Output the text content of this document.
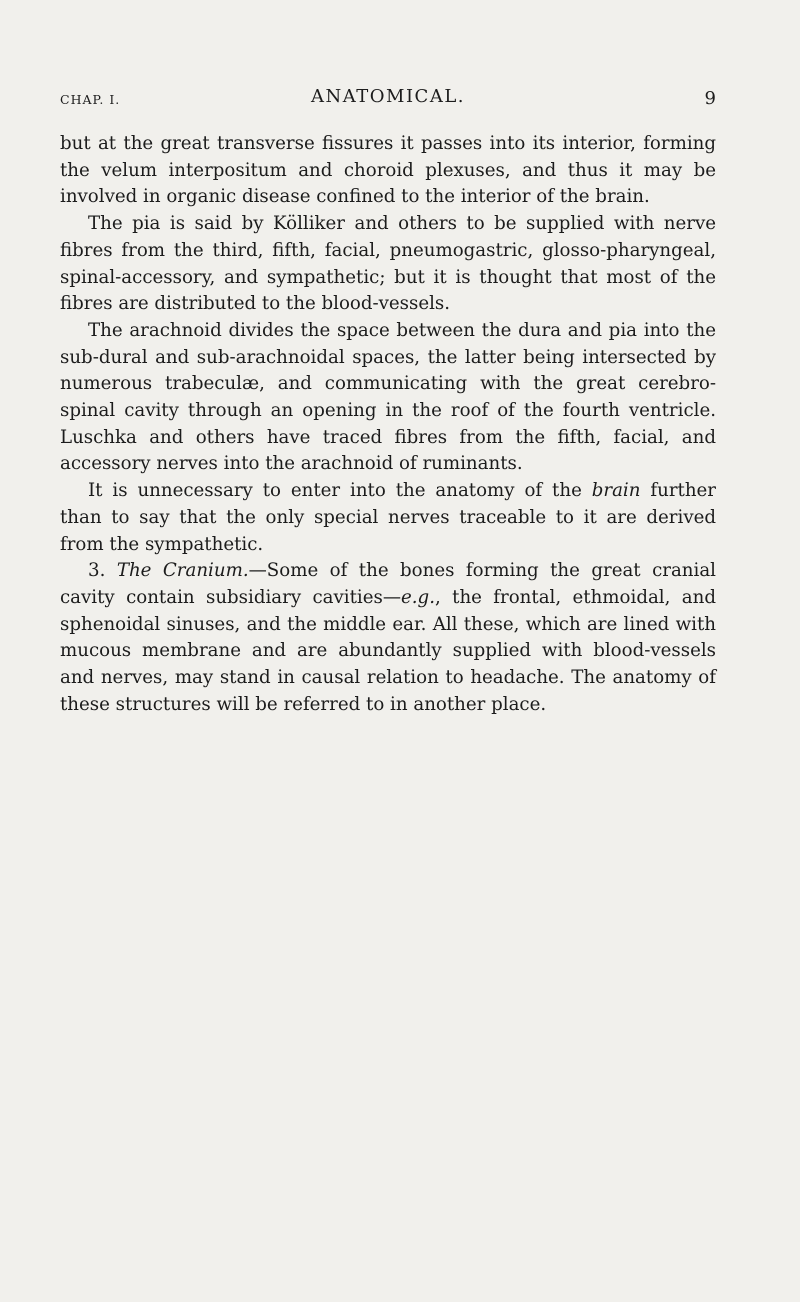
CHAP. I.	ANATOMICAL.	9

but at the great transverse fissures it passes into its interior, forming the velum interpositum and choroid plexuses, and thus it may be involved in organic disease confined to the interior of the brain.

The pia is said by Kölliker and others to be supplied with nerve fibres from the third, fifth, facial, pneumogastric, glosso-pharyngeal, spinal-accessory, and sympathetic; but it is thought that most of the fibres are distributed to the blood-vessels.

The arachnoid divides the space between the dura and pia into the sub-dural and sub-arachnoidal spaces, the latter being intersected by numerous trabeculæ, and communicating with the great cerebro-spinal cavity through an opening in the roof of the fourth ventricle. Luschka and others have traced fibres from the fifth, facial, and accessory nerves into the arachnoid of ruminants.

It is unnecessary to enter into the anatomy of the brain further than to say that the only special nerves traceable to it are derived from the sympathetic.

3. The Cranium.—Some of the bones forming the great cranial cavity contain subsidiary cavities—e.g., the frontal, ethmoidal, and sphenoidal sinuses, and the middle ear. All these, which are lined with mucous membrane and are abundantly supplied with blood-vessels and nerves, may stand in causal relation to headache. The anatomy of these structures will be referred to in another place.
